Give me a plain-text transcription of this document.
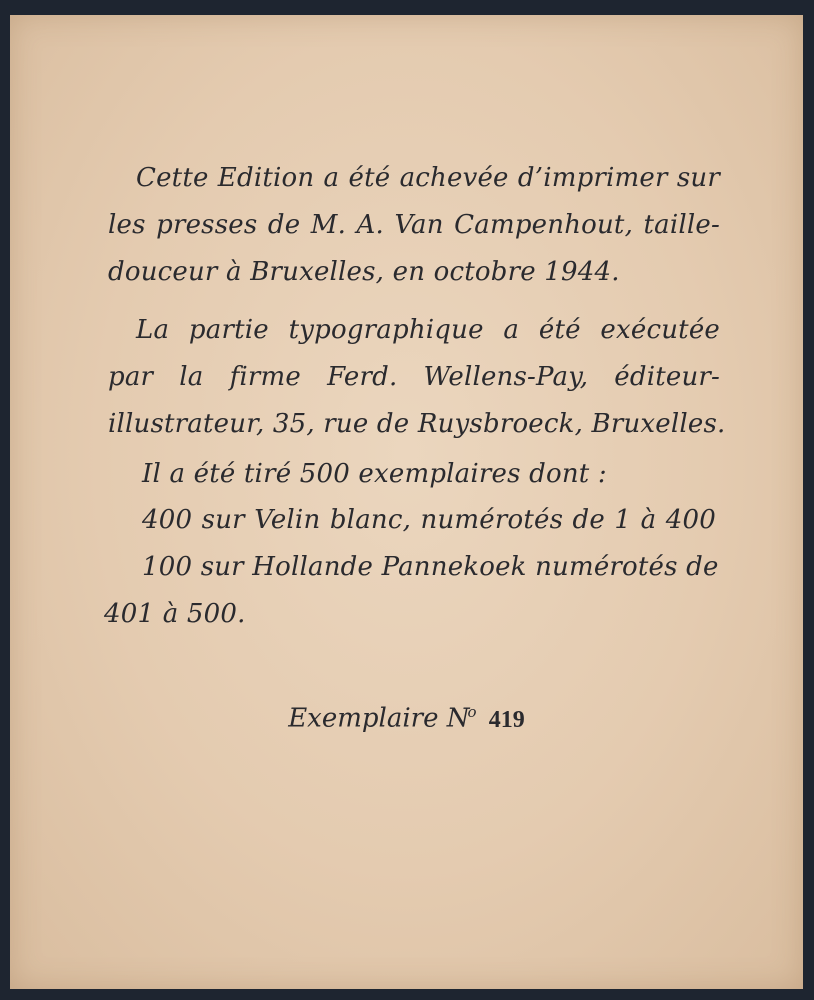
Cette Edition a été achevée d’imprimer sur
les presses de M. A. Van Campenhout, taille-
douceur à Bruxelles, en octobre 1944.
La partie typographique a été exécutée
par la firme Ferd. Wellens-Pay, éditeur-
illustrateur, 35, rue de Ruysbroeck, Bruxelles.
Il a été tiré 500 exemplaires dont :
400 sur Velin blanc, numérotés de 1 à 400
100 sur Hollande Pannekoek numérotés de
401 à 500.
Exemplaire $N^o$ 419
